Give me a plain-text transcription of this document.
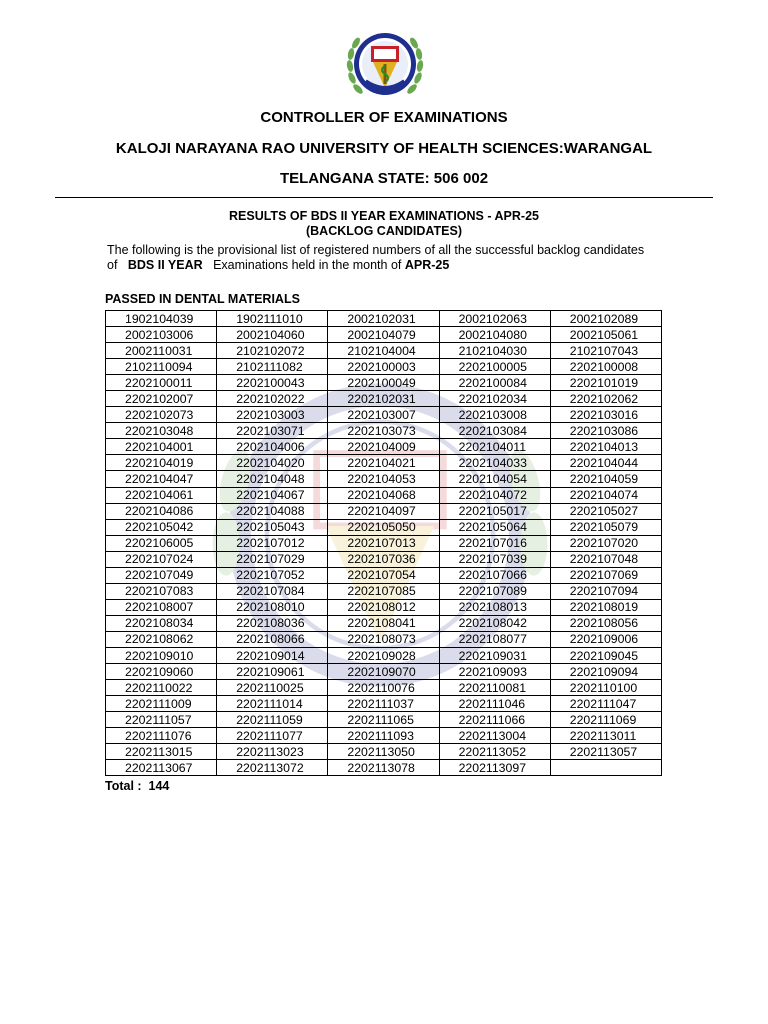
CONTROLLER OF EXAMINATIONS
KALOJI NARAYANA RAO UNIVERSITY OF HEALTH SCIENCES:WARANGAL
TELANGANA STATE: 506 002
RESULTS OF BDS II YEAR EXAMINATIONS - APR-25
(BACKLOG CANDIDATES)
The following is the provisional list of registered numbers of all the successful backlog candidates
of BDS II YEAR Examinations held in the month of APR-25
PASSED IN DENTAL MATERIALS
1902104039	1902111010	2002102031	2002102063	2002102089
2002103006	2002104060	2002104079	2002104080	2002105061
2002110031	2102102072	2102104004	2102104030	2102107043
2102110094	2102111082	2202100003	2202100005	2202100008
2202100011	2202100043	2202100049	2202100084	2202101019
2202102007	2202102022	2202102031	2202102034	2202102062
2202102073	2202103003	2202103007	2202103008	2202103016
2202103048	2202103071	2202103073	2202103084	2202103086
2202104001	2202104006	2202104009	2202104011	2202104013
2202104019	2202104020	2202104021	2202104033	2202104044
2202104047	2202104048	2202104053	2202104054	2202104059
2202104061	2202104067	2202104068	2202104072	2202104074
2202104086	2202104088	2202104097	2202105017	2202105027
2202105042	2202105043	2202105050	2202105064	2202105079
2202106005	2202107012	2202107013	2202107016	2202107020
2202107024	2202107029	2202107036	2202107039	2202107048
2202107049	2202107052	2202107054	2202107066	2202107069
2202107083	2202107084	2202107085	2202107089	2202107094
2202108007	2202108010	2202108012	2202108013	2202108019
2202108034	2202108036	2202108041	2202108042	2202108056
2202108062	2202108066	2202108073	2202108077	2202109006
2202109010	2202109014	2202109028	2202109031	2202109045
2202109060	2202109061	2202109070	2202109093	2202109094
2202110022	2202110025	2202110076	2202110081	2202110100
2202111009	2202111014	2202111037	2202111046	2202111047
2202111057	2202111059	2202111065	2202111066	2202111069
2202111076	2202111077	2202111093	2202113004	2202113011
2202113015	2202113023	2202113050	2202113052	2202113057
2202113067	2202113072	2202113078	2202113097	
Total : 144
